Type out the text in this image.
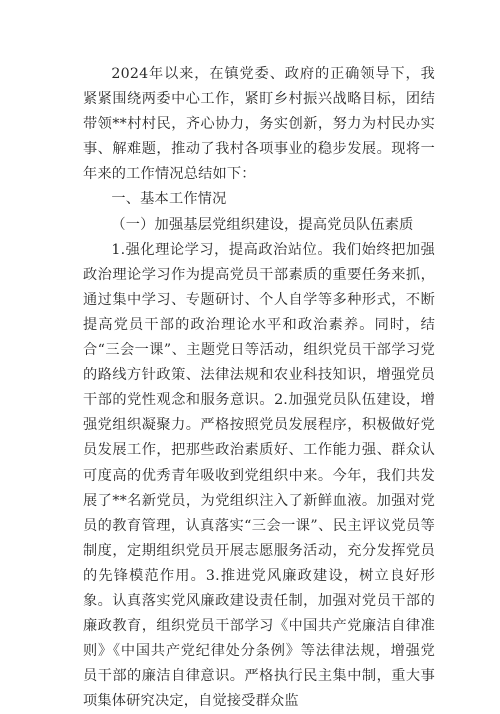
2024年以来，在镇党委、政府的正确领导下，我紧紧围绕两委中心工作，紧盯乡村振兴战略目标，团结带领**村村民，齐心协力，务实创新，努力为村民办实事、解难题，推动了我村各项事业的稳步发展。现将一年来的工作情况总结如下：

一、基本工作情况

（一）加强基层党组织建设，提高党员队伍素质

1.强化理论学习，提高政治站位。我们始终把加强政治理论学习作为提高党员干部素质的重要任务来抓，通过集中学习、专题研讨、个人自学等多种形式，不断提高党员干部的政治理论水平和政治素养。同时，结合“三会一课”、主题党日等活动，组织党员干部学习党的路线方针政策、法律法规和农业科技知识，增强党员干部的党性观念和服务意识。2.加强党员队伍建设，增强党组织凝聚力。严格按照党员发展程序，积极做好党员发展工作，把那些政治素质好、工作能力强、群众认可度高的优秀青年吸收到党组织中来。今年，我们共发展了**名新党员，为党组织注入了新鲜血液。加强对党员的教育管理，认真落实“三会一课”、民主评议党员等制度，定期组织党员开展志愿服务活动，充分发挥党员的先锋模范作用。3.推进党风廉政建设，树立良好形象。认真落实党风廉政建设责任制，加强对党员干部的廉政教育，组织党员干部学习《中国共产党廉洁自律准则》《中国共产党纪律处分条例》等法律法规，增强党员干部的廉洁自律意识。严格执行民主集中制，重大事项集体研究决定，自觉接受群众监
